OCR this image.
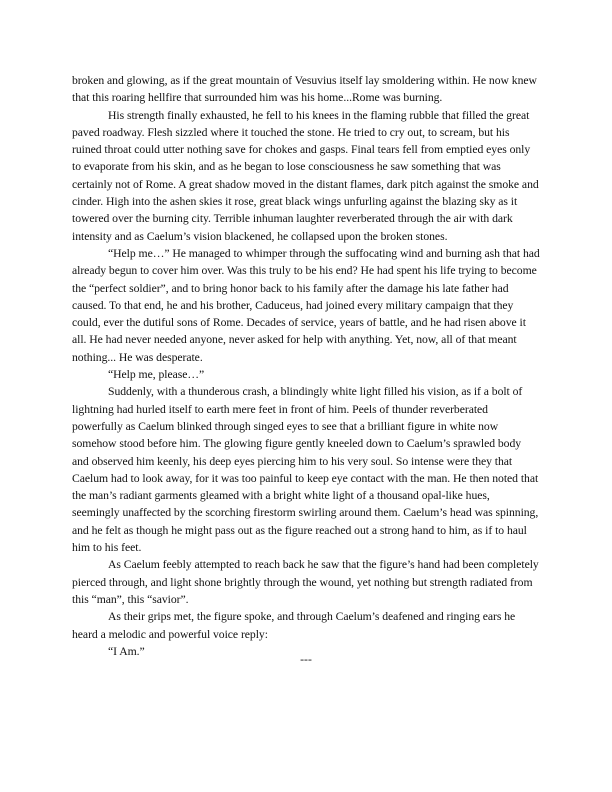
broken and glowing, as if the great mountain of Vesuvius itself lay smoldering within. He now knew that this roaring hellfire that surrounded him was his home...Rome was burning.

His strength finally exhausted, he fell to his knees in the flaming rubble that filled the great paved roadway. Flesh sizzled where it touched the stone. He tried to cry out, to scream, but his ruined throat could utter nothing save for chokes and gasps. Final tears fell from emptied eyes only to evaporate from his skin, and as he began to lose consciousness he saw something that was certainly not of Rome. A great shadow moved in the distant flames, dark pitch against the smoke and cinder. High into the ashen skies it rose, great black wings unfurling against the blazing sky as it towered over the burning city. Terrible inhuman laughter reverberated through the air with dark intensity and as Caelum’s vision blackened, he collapsed upon the broken stones.

“Help me…” He managed to whimper through the suffocating wind and burning ash that had already begun to cover him over. Was this truly to be his end? He had spent his life trying to become the “perfect soldier”, and to bring honor back to his family after the damage his late father had caused. To that end, he and his brother, Caduceus, had joined every military campaign that they could, ever the dutiful sons of Rome. Decades of service, years of battle, and he had risen above it all. He had never needed anyone, never asked for help with anything. Yet, now, all of that meant nothing... He was desperate.

“Help me, please…”

Suddenly, with a thunderous crash, a blindingly white light filled his vision, as if a bolt of lightning had hurled itself to earth mere feet in front of him. Peels of thunder reverberated powerfully as Caelum blinked through singed eyes to see that a brilliant figure in white now somehow stood before him. The glowing figure gently kneeled down to Caelum’s sprawled body and observed him keenly, his deep eyes piercing him to his very soul. So intense were they that Caelum had to look away, for it was too painful to keep eye contact with the man. He then noted that the man’s radiant garments gleamed with a bright white light of a thousand opal-like hues, seemingly unaffected by the scorching firestorm swirling around them. Caelum’s head was spinning, and he felt as though he might pass out as the figure reached out a strong hand to him, as if to haul him to his feet.

As Caelum feebly attempted to reach back he saw that the figure’s hand had been completely pierced through, and light shone brightly through the wound, yet nothing but strength radiated from this “man”, this “savior”.

As their grips met, the figure spoke, and through Caelum’s deafened and ringing ears he heard a melodic and powerful voice reply:

“I Am.”

---
